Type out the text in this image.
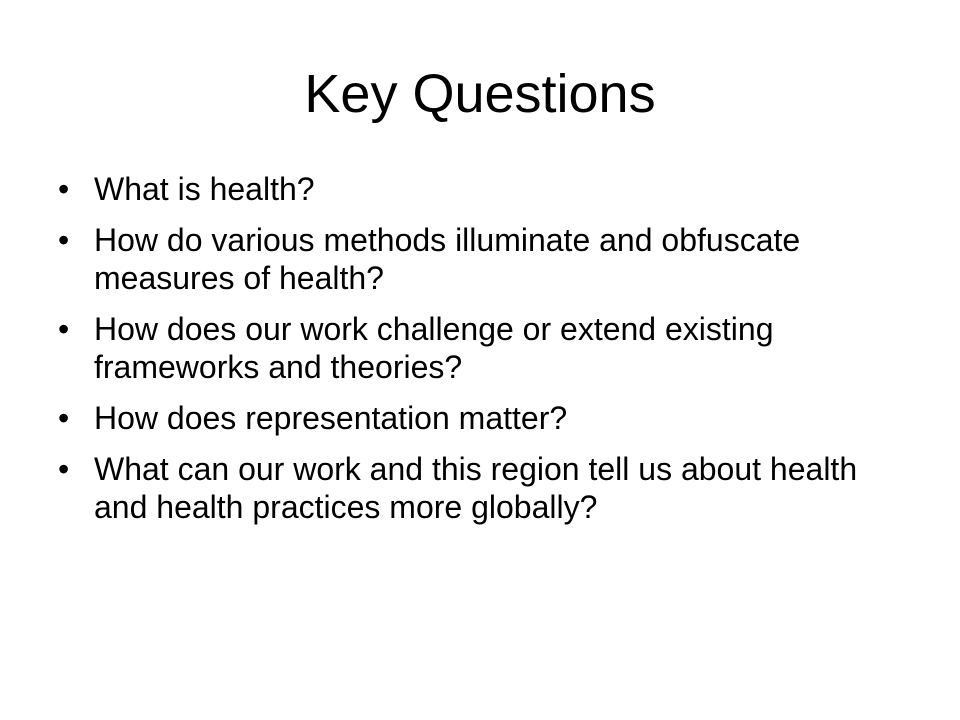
Key Questions
• What is health?
• How do various methods illuminate and obfuscate measures of health?
• How does our work challenge or extend existing frameworks and theories?
• How does representation matter?
• What can our work and this region tell us about health and health practices more globally?
